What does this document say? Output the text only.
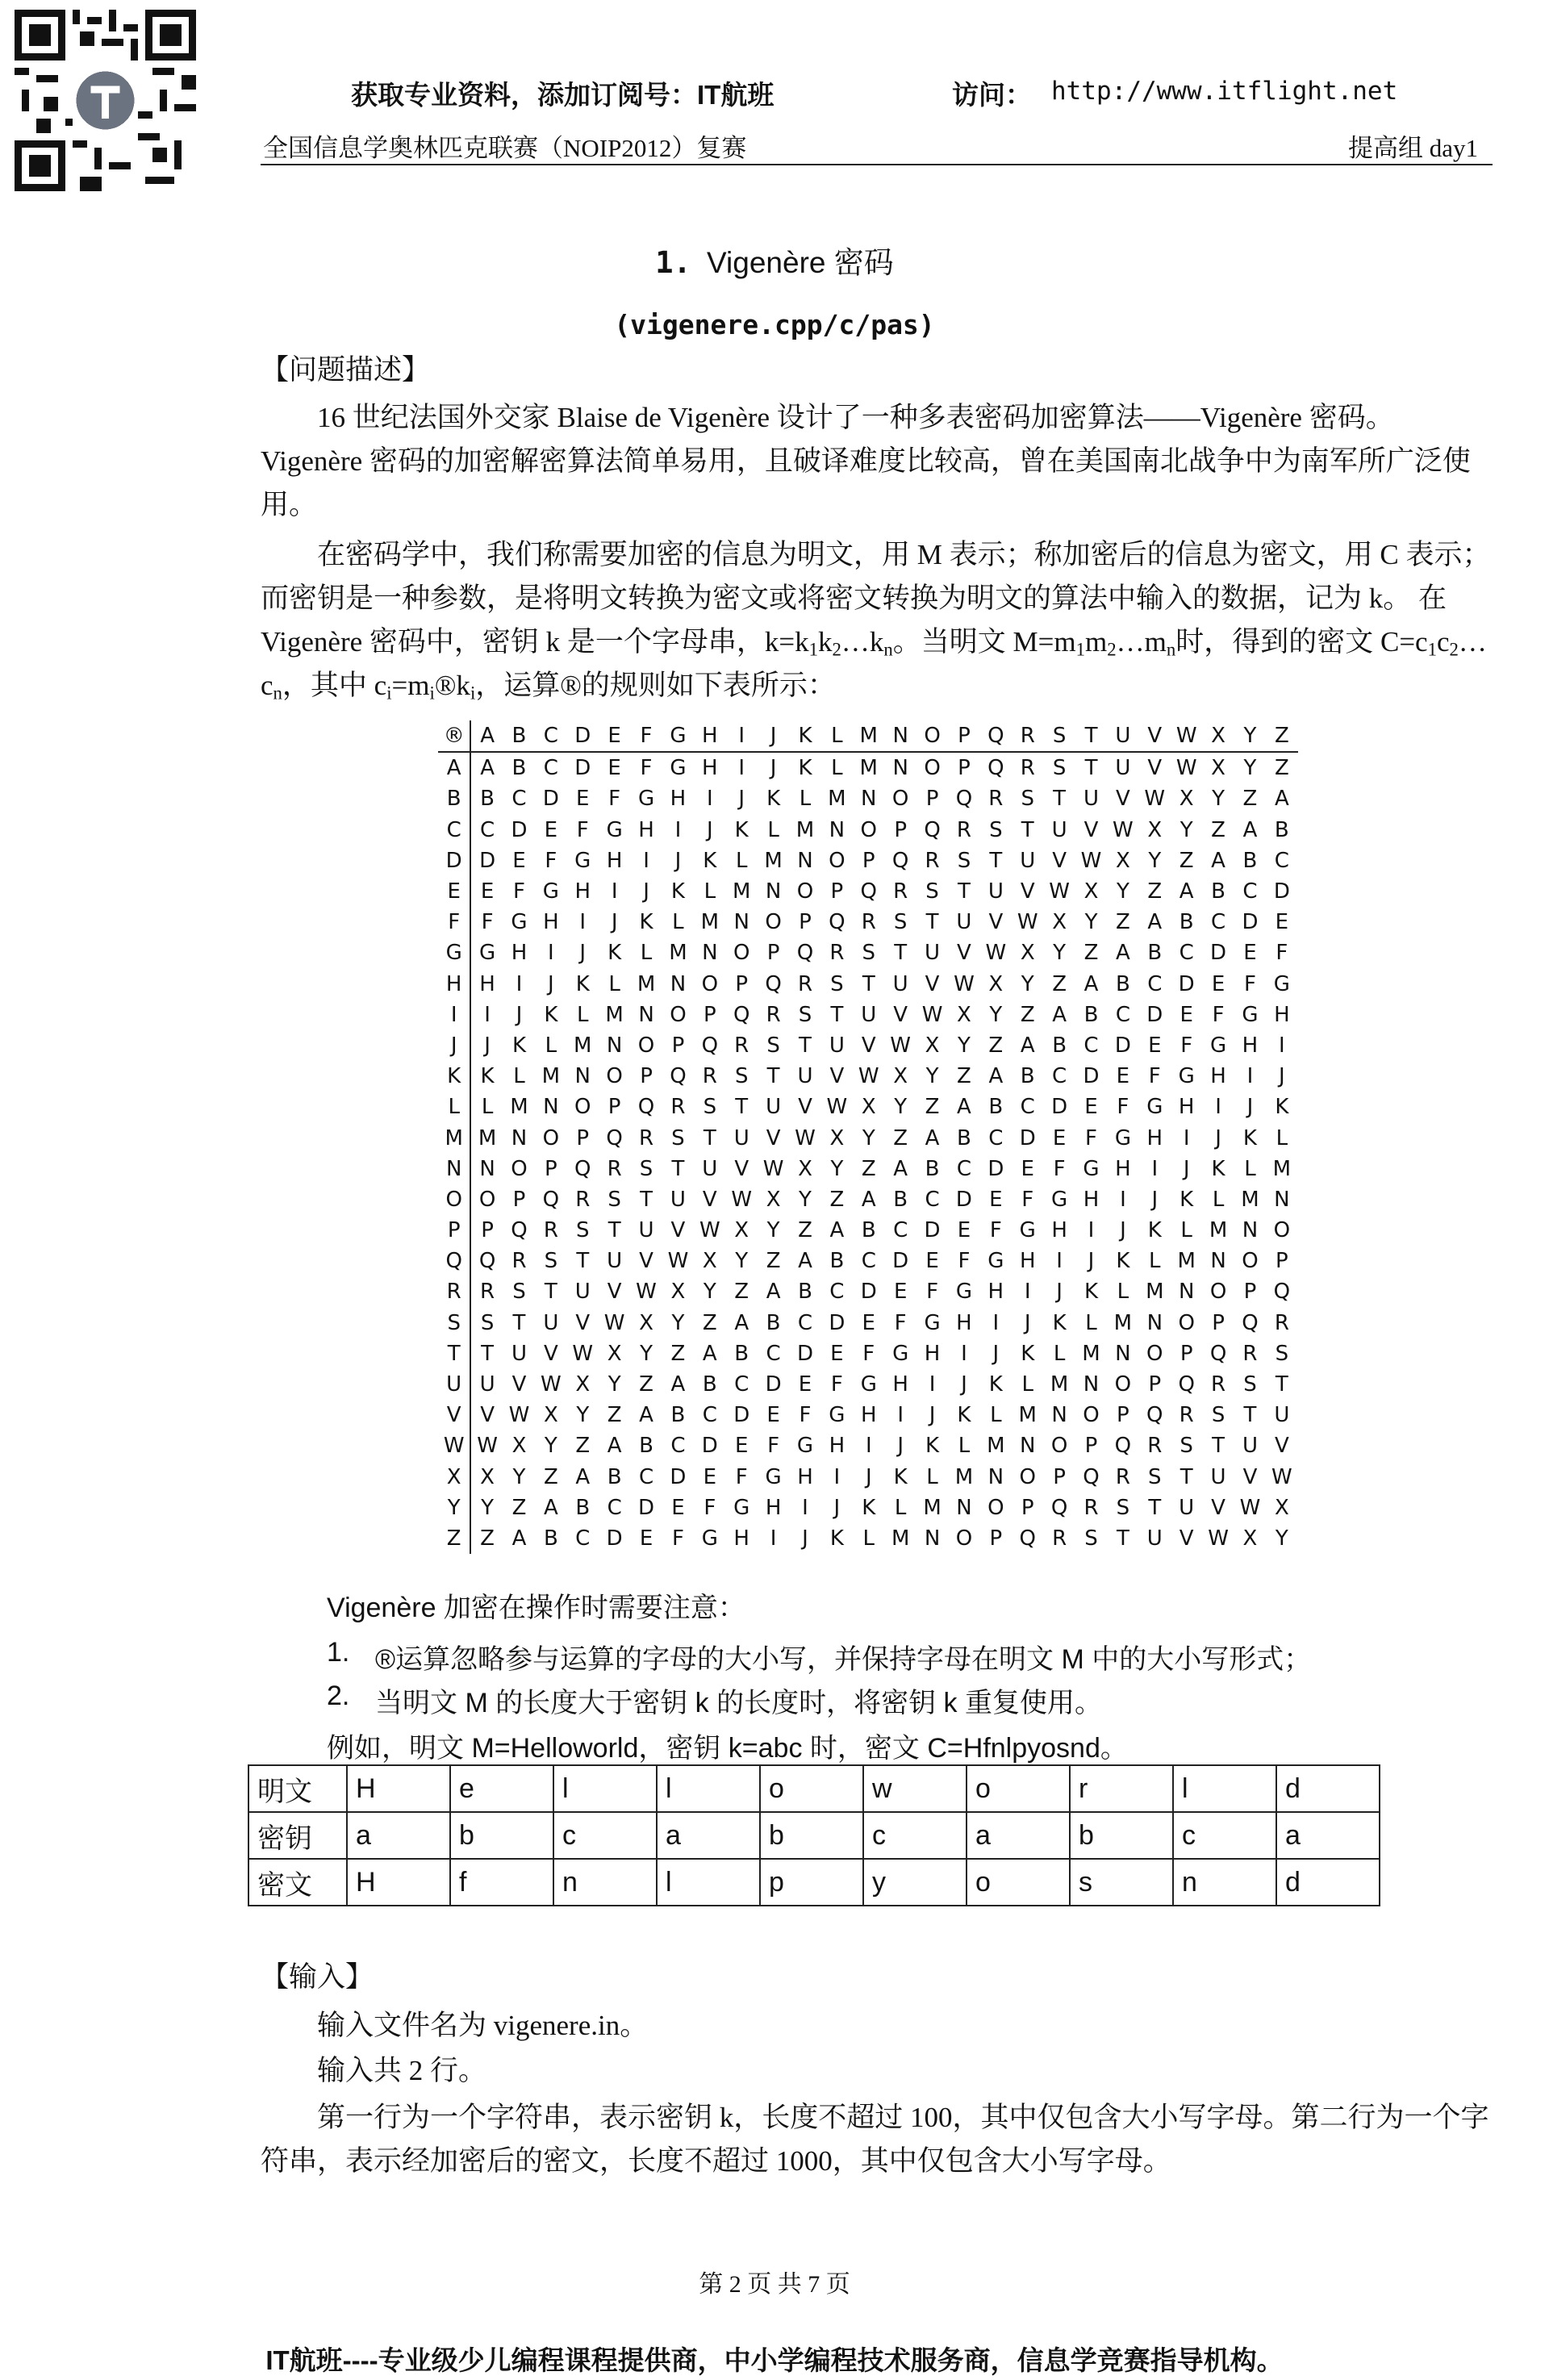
获取专业资料，添加订阅号：IT航班	访问： http://www.itflight.net
全国信息学奥林匹克联赛（NOIP2012）复赛	提高组 day1
1. Vigenère 密码
(vigenere.cpp/c/pas)
【问题描述】
16 世纪法国外交家 Blaise de Vigenère 设计了一种多表密码加密算法——Vigenère 密码。Vigenère 密码的加密解密算法简单易用，且破译难度比较高，曾在美国南北战争中为南军所广泛使用。
在密码学中，我们称需要加密的信息为明文，用 M 表示；称加密后的信息为密文，用 C 表示；而密钥是一种参数，是将明文转换为密文或将密文转换为明文的算法中输入的数据，记为 k。 在 Vigenère 密码中，密钥 k 是一个字母串，$k=k_1k_2\dots k_n$。当明文 $M=m_1m_2\dots m_n$时，得到的密文 $C=c_1c_2\dots c_n$，其中 $c_i=m_i®k_i$，运算®的规则如下表所示：
®	A	B	C	D	E	F	G	H	I	J	K	L	M	N	O	P	Q	R	S	T	U	V	W	X	Y	Z
A	A	B	C	D	E	F	G	H	I	J	K	L	M	N	O	P	Q	R	S	T	U	V	W	X	Y	Z
B	B	C	D	E	F	G	H	I	J	K	L	M	N	O	P	Q	R	S	T	U	V	W	X	Y	Z	A
C	C	D	E	F	G	H	I	J	K	L	M	N	O	P	Q	R	S	T	U	V	W	X	Y	Z	A	B
D	D	E	F	G	H	I	J	K	L	M	N	O	P	Q	R	S	T	U	V	W	X	Y	Z	A	B	C
E	E	F	G	H	I	J	K	L	M	N	O	P	Q	R	S	T	U	V	W	X	Y	Z	A	B	C	D
F	F	G	H	I	J	K	L	M	N	O	P	Q	R	S	T	U	V	W	X	Y	Z	A	B	C	D	E
G	G	H	I	J	K	L	M	N	O	P	Q	R	S	T	U	V	W	X	Y	Z	A	B	C	D	E	F
H	H	I	J	K	L	M	N	O	P	Q	R	S	T	U	V	W	X	Y	Z	A	B	C	D	E	F	G
I	I	J	K	L	M	N	O	P	Q	R	S	T	U	V	W	X	Y	Z	A	B	C	D	E	F	G	H
J	J	K	L	M	N	O	P	Q	R	S	T	U	V	W	X	Y	Z	A	B	C	D	E	F	G	H	I
K	K	L	M	N	O	P	Q	R	S	T	U	V	W	X	Y	Z	A	B	C	D	E	F	G	H	I	J
L	L	M	N	O	P	Q	R	S	T	U	V	W	X	Y	Z	A	B	C	D	E	F	G	H	I	J	K
M	M	N	O	P	Q	R	S	T	U	V	W	X	Y	Z	A	B	C	D	E	F	G	H	I	J	K	L
N	N	O	P	Q	R	S	T	U	V	W	X	Y	Z	A	B	C	D	E	F	G	H	I	J	K	L	M
O	O	P	Q	R	S	T	U	V	W	X	Y	Z	A	B	C	D	E	F	G	H	I	J	K	L	M	N
P	P	Q	R	S	T	U	V	W	X	Y	Z	A	B	C	D	E	F	G	H	I	J	K	L	M	N	O
Q	Q	R	S	T	U	V	W	X	Y	Z	A	B	C	D	E	F	G	H	I	J	K	L	M	N	O	P
R	R	S	T	U	V	W	X	Y	Z	A	B	C	D	E	F	G	H	I	J	K	L	M	N	O	P	Q
S	S	T	U	V	W	X	Y	Z	A	B	C	D	E	F	G	H	I	J	K	L	M	N	O	P	Q	R
T	T	U	V	W	X	Y	Z	A	B	C	D	E	F	G	H	I	J	K	L	M	N	O	P	Q	R	S
U	U	V	W	X	Y	Z	A	B	C	D	E	F	G	H	I	J	K	L	M	N	O	P	Q	R	S	T
V	V	W	X	Y	Z	A	B	C	D	E	F	G	H	I	J	K	L	M	N	O	P	Q	R	S	T	U
W	W	X	Y	Z	A	B	C	D	E	F	G	H	I	J	K	L	M	N	O	P	Q	R	S	T	U	V
X	X	Y	Z	A	B	C	D	E	F	G	H	I	J	K	L	M	N	O	P	Q	R	S	T	U	V	W
Y	Y	Z	A	B	C	D	E	F	G	H	I	J	K	L	M	N	O	P	Q	R	S	T	U	V	W	X
Z	Z	A	B	C	D	E	F	G	H	I	J	K	L	M	N	O	P	Q	R	S	T	U	V	W	X	Y
Vigenère 加密在操作时需要注意：
1. ®运算忽略参与运算的字母的大小写，并保持字母在明文 M 中的大小写形式；
2. 当明文 M 的长度大于密钥 k 的长度时，将密钥 k 重复使用。
例如，明文 M=Helloworld，密钥 k=abc 时，密文 C=Hfnlpyosnd。
明文	H	e	l	l	o	w	o	r	l	d
密钥	a	b	c	a	b	c	a	b	c	a
密文	H	f	n	l	p	y	o	s	n	d
【输入】
输入文件名为 vigenere.in。
输入共 2 行。
第一行为一个字符串，表示密钥 k，长度不超过 100，其中仅包含大小写字母。第二行为一个字符串，表示经加密后的密文，长度不超过 1000，其中仅包含大小写字母。
第 2 页 共 7 页
IT航班----专业级少儿编程课程提供商，中小学编程技术服务商，信息学竞赛指导机构。
